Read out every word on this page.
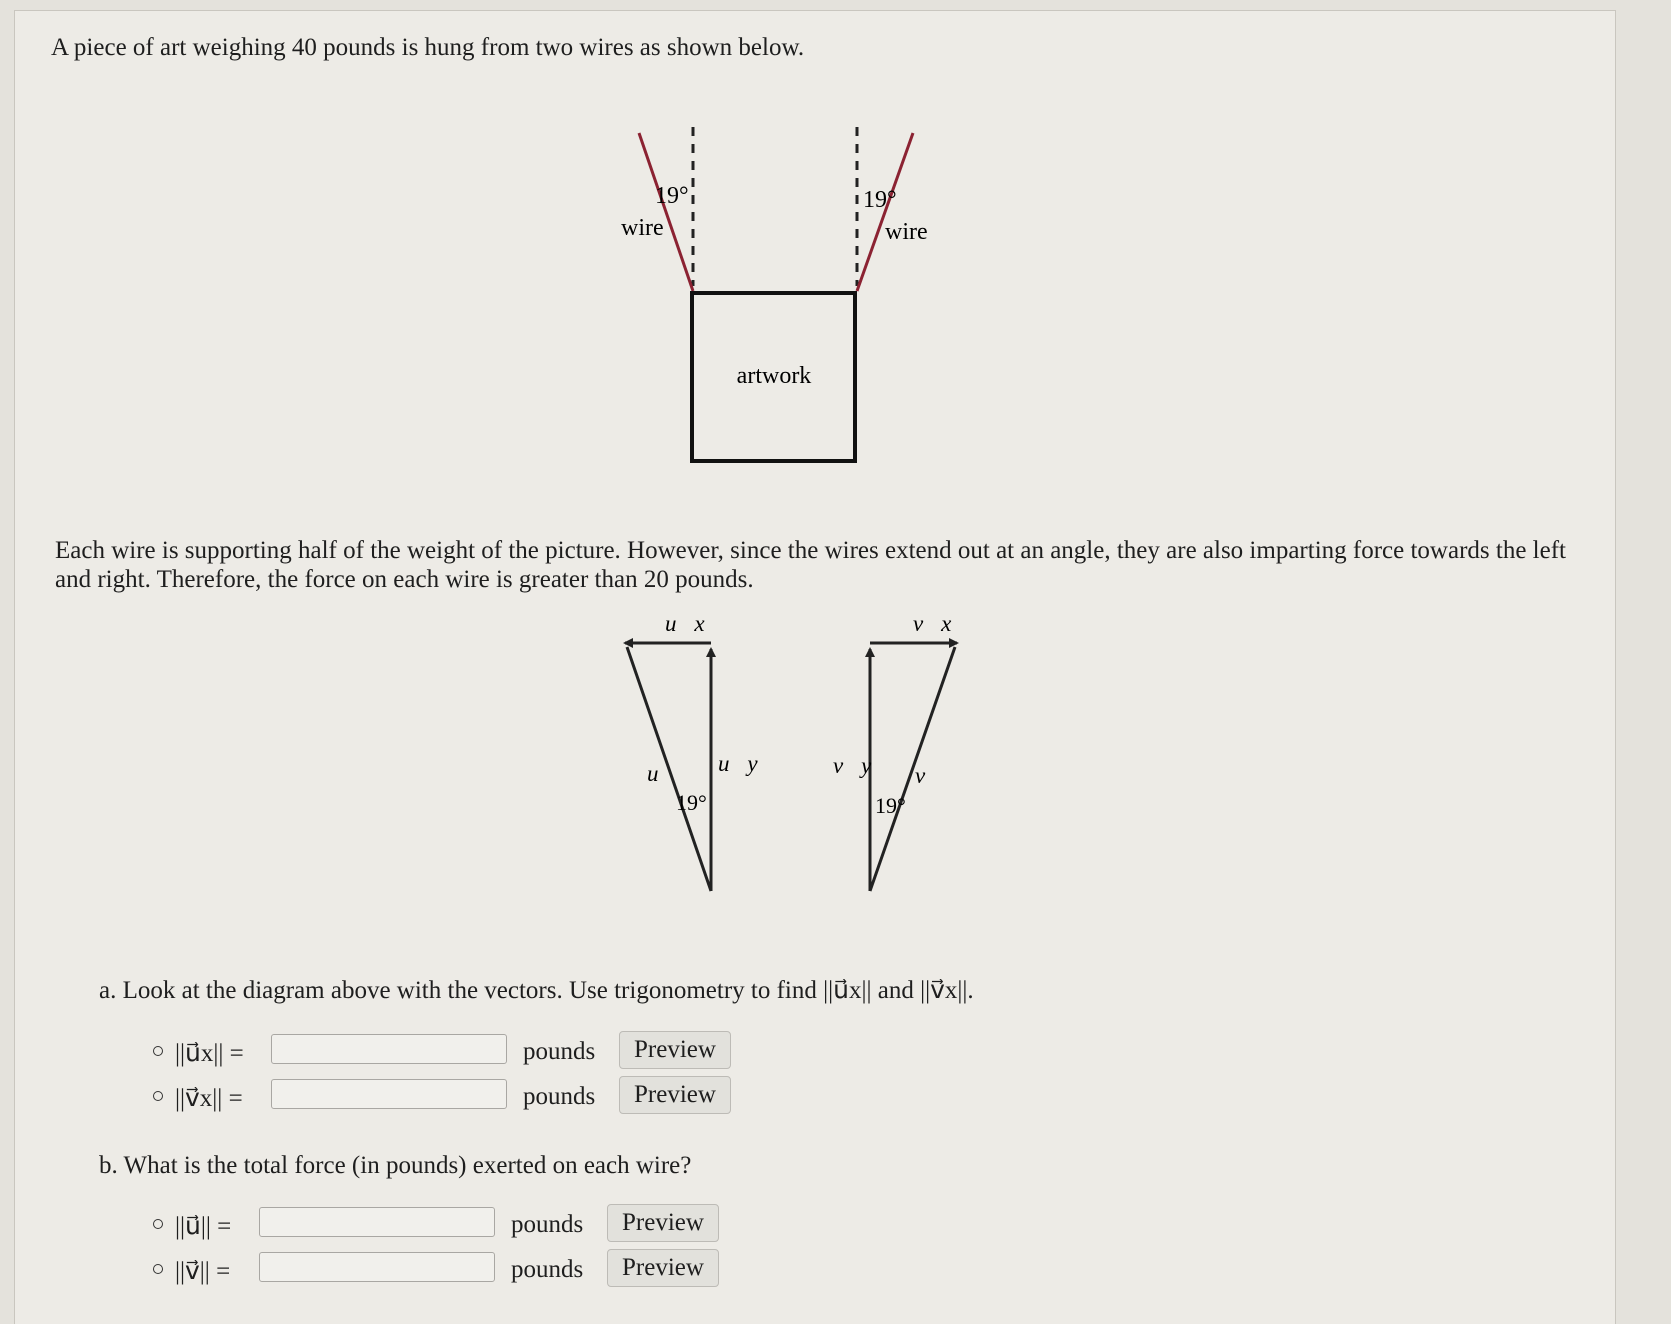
A piece of art weighing 40 pounds is hung from two wires as shown below.

19°
wire
19°
wire
artwork

Each wire is supporting half of the weight of the picture. However, since the wires extend out at an angle, they are also imparting force towards the left and right. Therefore, the force on each wire is greater than 20 pounds.

u⃗x
u⃗y
u⃗
19°
v⃗x
v⃗y v⃗
19°

a. Look at the diagram above with the vectors. Use trigonometry to find ||u⃗x|| and ||v⃗x||.

||u⃗x|| =	pounds	Preview
||v⃗x|| =	pounds	Preview

b. What is the total force (in pounds) exerted on each wire?

||u⃗|| =	pounds	Preview
||v⃗|| =	pounds	Preview
